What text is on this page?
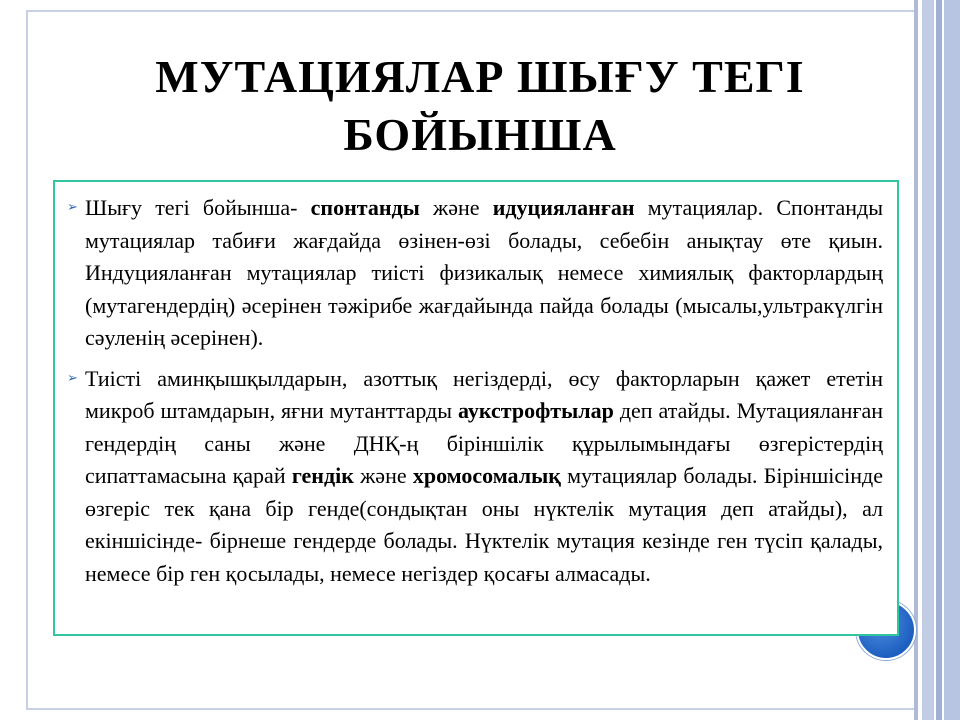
МУТАЦИЯЛАР ШЫҒУ ТЕГІ БОЙЫНША
➢ Шығу тегі бойынша- спонтанды және идуцияланған мутациялар. Спонтанды мутациялар табиғи жағдайда өзінен-өзі болады, себебін анықтау өте қиын. Индуцияланған мутациялар тиісті физикалық немесе химиялық факторлардың (мутагендердің) әсерінен тәжірибе жағдайында пайда болады (мысалы,ультракүлгін сәуленің әсерінен).
➢ Тиісті аминқышқылдарын, азоттық негіздерді, өсу факторларын қажет ететін микроб штамдарын, яғни мутанттарды аукстрофтылар деп атайды. Мутацияланған гендердің саны және ДНҚ-ң біріншілік құрылымындағы өзгерістердің сипаттамасына қарай гендік және хромосомалық мутациялар болады. Біріншісінде өзгеріс тек қана бір генде(сондықтан оны нүктелік мутация деп атайды), ал екіншісінде- бірнеше гендерде болады. Нүктелік мутация кезінде ген түсіп қалады, немесе бір ген қосылады, немесе негіздер қосағы алмасады.
